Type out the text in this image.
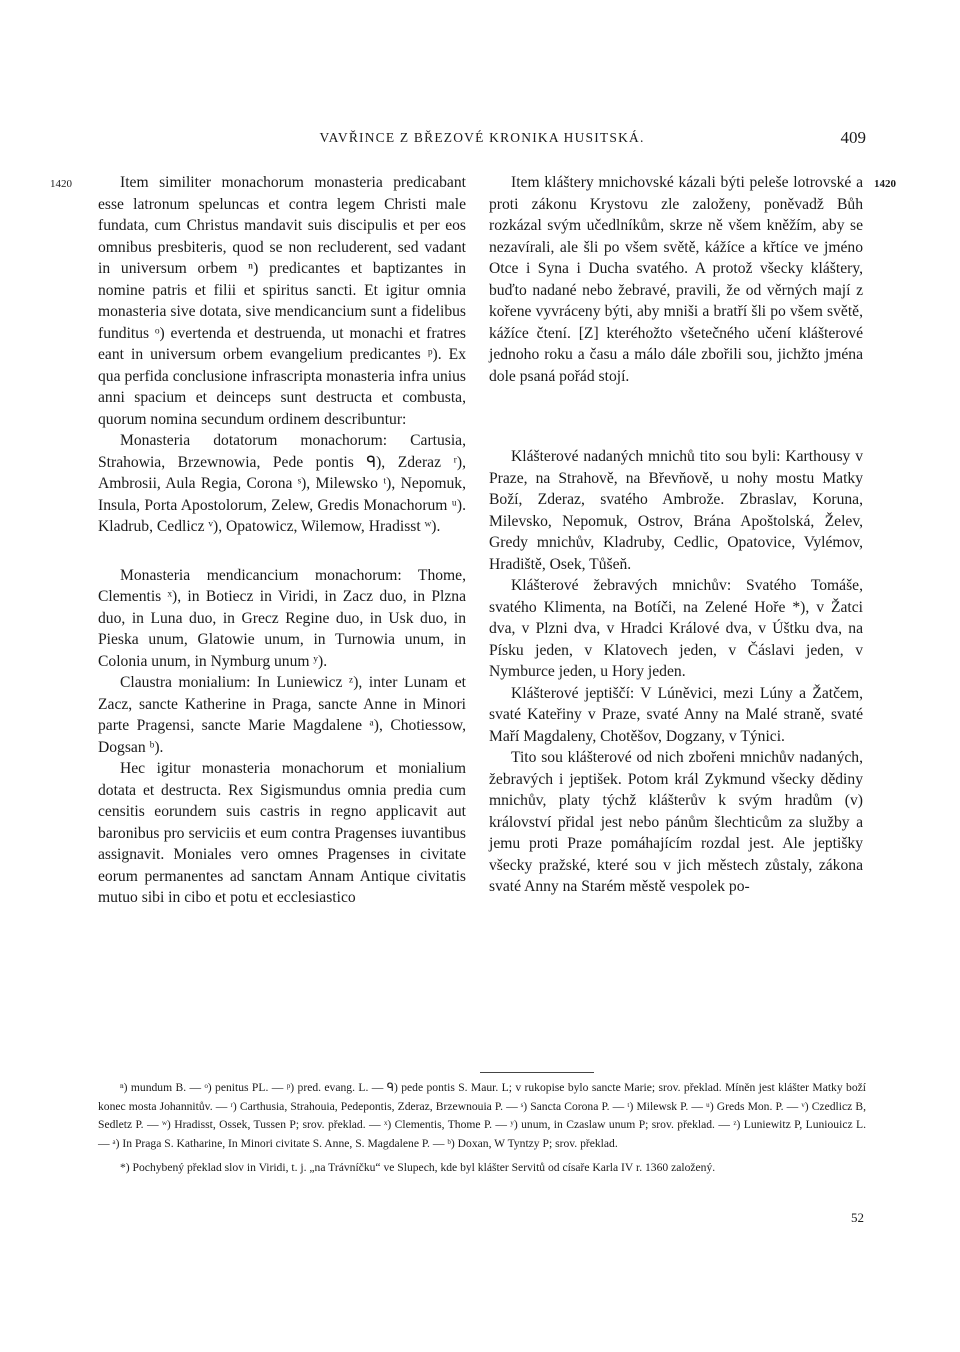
VAVŘINCE Z BŘEZOVÉ KRONIKA HUSITSKÁ.	409
1420	1420

Item similiter monachorum monasteria predicabant esse latronum speluncas et contra legem Christi male fundata, cum Christus mandavit suis discipulis et per eos omnibus presbiteris, quod se non recluderent, sed vadant in universum orbem ⁿ) predicantes et baptizantes in nomine patris et filii et spiritus sancti. Et igitur omnia monasteria sive dotata, sive mendicancium sunt a fidelibus funditus ᵒ) evertenda et destruenda, ut monachi et fratres eant in universum orbem evangelium predicantes ᵖ). Ex qua perfida conclusione infrascripta monasteria infra unius anni spacium et deinceps sunt destructa et combusta, quorum nomina secundum ordinem describuntur:

Monasteria dotatorum monachorum: Cartusia, Strahowia, Brzewnowia, Pede pontis ᑫ), Zderaz ʳ), Ambrosii, Aula Regia, Corona ˢ), Milewsko ᵗ), Nepomuk, Insula, Porta Apostolorum, Zelew, Gredis Monachorum ᵘ). Kladrub, Cedlicz ᵛ), Opatowicz, Wilemow, Hradisst ʷ).

Monasteria mendicancium monachorum: Thome, Clementis ˣ), in Botiecz in Viridi, in Zacz duo, in Plzna duo, in Luna duo, in Grecz Regine duo, in Usk duo, in Pieska unum, Glatowie unum, in Turnowia unum, in Colonia unum, in Nymburg unum ʸ).

Claustra monialium: In Luniewicz ᶻ), inter Lunam et Zacz, sancte Katherine in Praga, sancte Anne in Minori parte Pragensi, sancte Marie Magdalene ᵃ), Chotiessow, Dogsan ᵇ).

Hec igitur monasteria monachorum et monialium dotata et destructa. Rex Sigismundus omnia predia cum censitis eorundem suis castris in regno applicavit aut baronibus pro serviciis et eum contra Pragenses iuvantibus assignavit. Moniales vero omnes Pragenses in civitate eorum permanentes ad sanctam Annam Antique civitatis mutuo sibi in cibo et potu et ecclesiastico

Item kláštery mnichovské kázali býti peleše lotrovské a proti zákonu Krystovu zle založeny, poněvadž Bůh rozkázal svým učedlníkům, skrze ně všem kněžím, aby se nezavírali, ale šli po všem světě, kážíce a křtíce ve jméno Otce i Syna i Ducha svatého. A protož všecky kláštery, buďto nadané nebo žebravé, pravili, že od věrných mají z kořene vyvráceny býti, aby mniši a bratří šli po všem světě, kážíce čtení. [Z] kteréhožto všetečného učení klášterové jednoho roku a času a málo dále zbořili sou, jichžto jména dole psaná pořád stojí.

Klášterové nadaných mnichů tito sou byli: Karthousy v Praze, na Strahově, na Břevňově, u nohy mostu Matky Boží, Zderaz, svatého Ambrože. Zbraslav, Koruna, Milevsko, Nepomuk, Ostrov, Brána Apoštolská, Želev, Gredy mnichův, Kladruby, Cedlic, Opatovice, Vylémov, Hradiště, Osek, Tůšeň.

Klášterové žebravých mnichův: Svatého Tomáše, svatého Klimenta, na Botíči, na Zelené Hoře *), v Žatci dva, v Plzni dva, v Hradci Králové dva, v Úštku dva, na Písku jeden, v Klatovech jeden, v Čáslavi jeden, v Nymburce jeden, u Hory jeden.

Klášterové jeptiščí: V Lúněvici, mezi Lúny a Žatčem, svaté Kateřiny v Praze, svaté Anny na Malé straně, svaté Maří Magdaleny, Chotěšov, Dogzany, v Týnici.

Tito sou klášterové od nich zbořeni mnichův nadaných, žebravých i jeptišek. Potom král Zykmund všecky dědiny mnichův, platy týchž klášterův k svým hradům (v) království přidal jest nebo pánům šlechticům za služby a jemu proti Praze pomáhajícím rozdal jest. Ale jeptišky všecky pražské, které sou v jich městech zůstaly, zákona svaté Anny na Starém městě vespolek po-

ⁿ) mundum B. — ᵒ) penitus PL. — ᵖ) pred. evang. L. — ᑫ) pede pontis S. Maur. L; v rukopise bylo sancte Marie; srov. překlad. Míněn jest klášter Matky boží konec mosta Johannitův. — ʳ) Carthusia, Strahouia, Pedepontis, Zderaz, Brzewnouia P. — ˢ) Sancta Corona P. — ᵗ) Milewsk P. — ᵘ) Greds Mon. P. — ᵛ) Czedlicz B, Sedletz P. — ʷ) Hradisst, Ossek, Tussen P; srov. překlad. — ˣ) Clementis, Thome P. — ʸ) unum, in Czaslaw unum P; srov. překlad. — ᶻ) Luniewitz P, Luniouicz L. — ᵃ) In Praga S. Katharine, In Minori civitate S. Anne, S. Magdalene P. — ᵇ) Doxan, W Tyntzy P; srov. překlad.

*) Pochybený překlad slov in Viridi, t. j. „na Trávníčku“ ve Slupech, kde byl klášter Servitů od císaře Karla IV r. 1360 založený.

52
